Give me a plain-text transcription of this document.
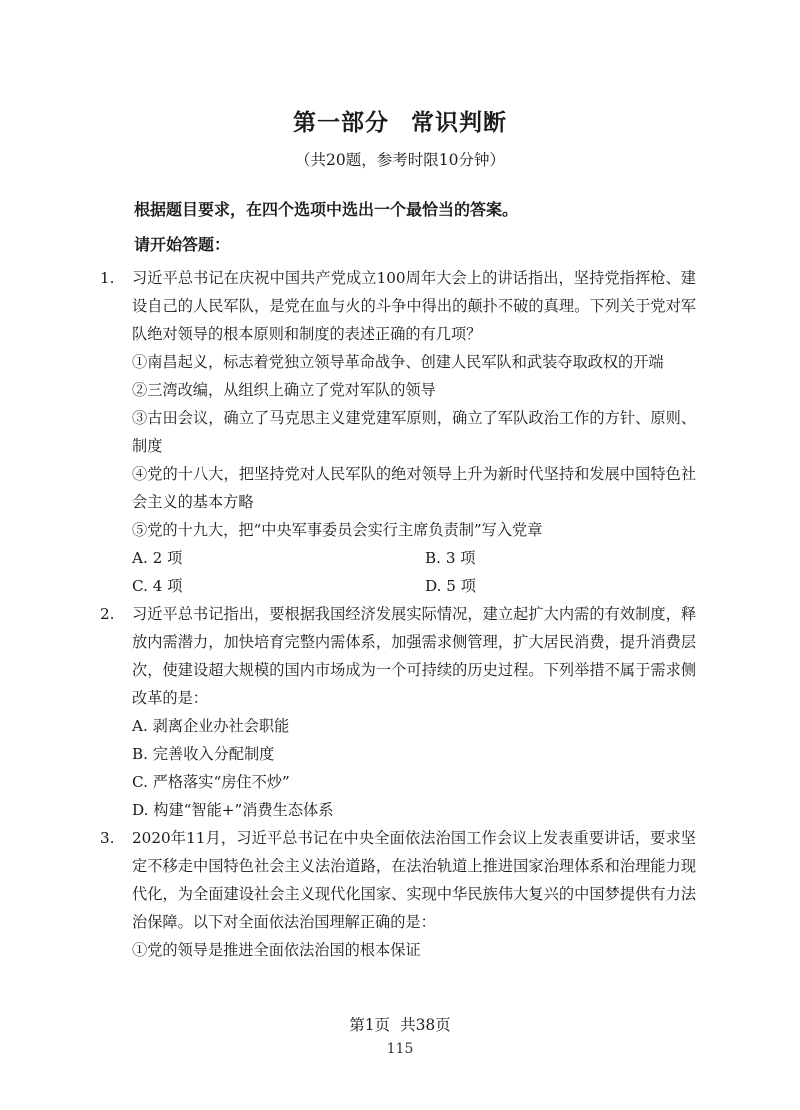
第一部分 常识判断
（共20题，参考时限10分钟）
根据题目要求，在四个选项中选出一个最恰当的答案。
请开始答题：
1. 习近平总书记在庆祝中国共产党成立100周年大会上的讲话指出，坚持党指挥枪、建设自己的人民军队，是党在血与火的斗争中得出的颠扑不破的真理。下列关于党对军队绝对领导的根本原则和制度的表述正确的有几项？
①南昌起义，标志着党独立领导革命战争、创建人民军队和武装夺取政权的开端
②三湾改编，从组织上确立了党对军队的领导
③古田会议，确立了马克思主义建党建军原则，确立了军队政治工作的方针、原则、制度
④党的十八大，把坚持党对人民军队的绝对领导上升为新时代坚持和发展中国特色社会主义的基本方略
⑤党的十九大，把“中央军事委员会实行主席负责制”写入党章
A. 2 项	B. 3 项
C. 4 项	D. 5 项
2. 习近平总书记指出，要根据我国经济发展实际情况，建立起扩大内需的有效制度，释放内需潜力，加快培育完整内需体系，加强需求侧管理，扩大居民消费，提升消费层次，使建设超大规模的国内市场成为一个可持续的历史过程。下列举措不属于需求侧改革的是：
A. 剥离企业办社会职能
B. 完善收入分配制度
C. 严格落实“房住不炒”
D. 构建“智能+”消费生态体系
3. 2020年11月，习近平总书记在中央全面依法治国工作会议上发表重要讲话，要求坚定不移走中国特色社会主义法治道路，在法治轨道上推进国家治理体系和治理能力现代化，为全面建设社会主义现代化国家、实现中华民族伟大复兴的中国梦提供有力法治保障。以下对全面依法治国理解正确的是：
①党的领导是推进全面依法治国的根本保证
第1页 共38页
115
